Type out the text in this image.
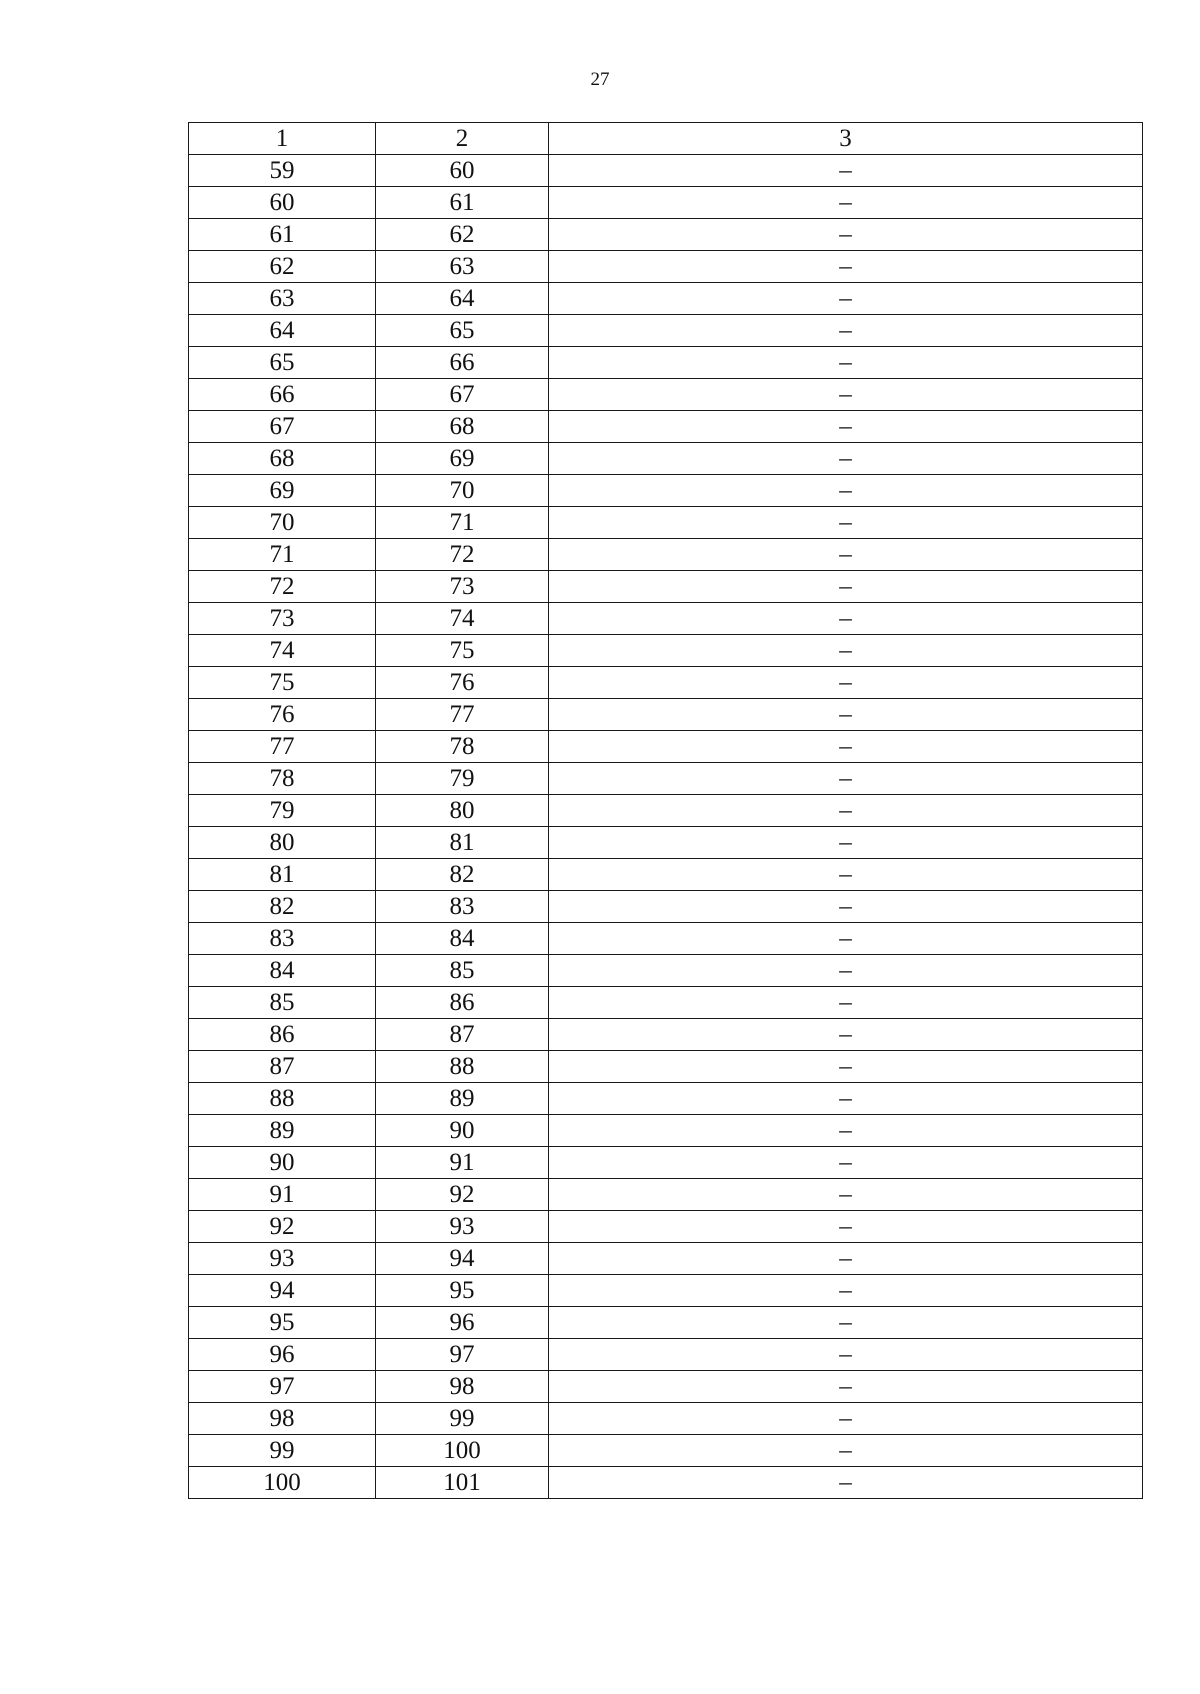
27
1	2	3
59	60	–
60	61	–
61	62	–
62	63	–
63	64	–
64	65	–
65	66	–
66	67	–
67	68	–
68	69	–
69	70	–
70	71	–
71	72	–
72	73	–
73	74	–
74	75	–
75	76	–
76	77	–
77	78	–
78	79	–
79	80	–
80	81	–
81	82	–
82	83	–
83	84	–
84	85	–
85	86	–
86	87	–
87	88	–
88	89	–
89	90	–
90	91	–
91	92	–
92	93	–
93	94	–
94	95	–
95	96	–
96	97	–
97	98	–
98	99	–
99	100	–
100	101	–
